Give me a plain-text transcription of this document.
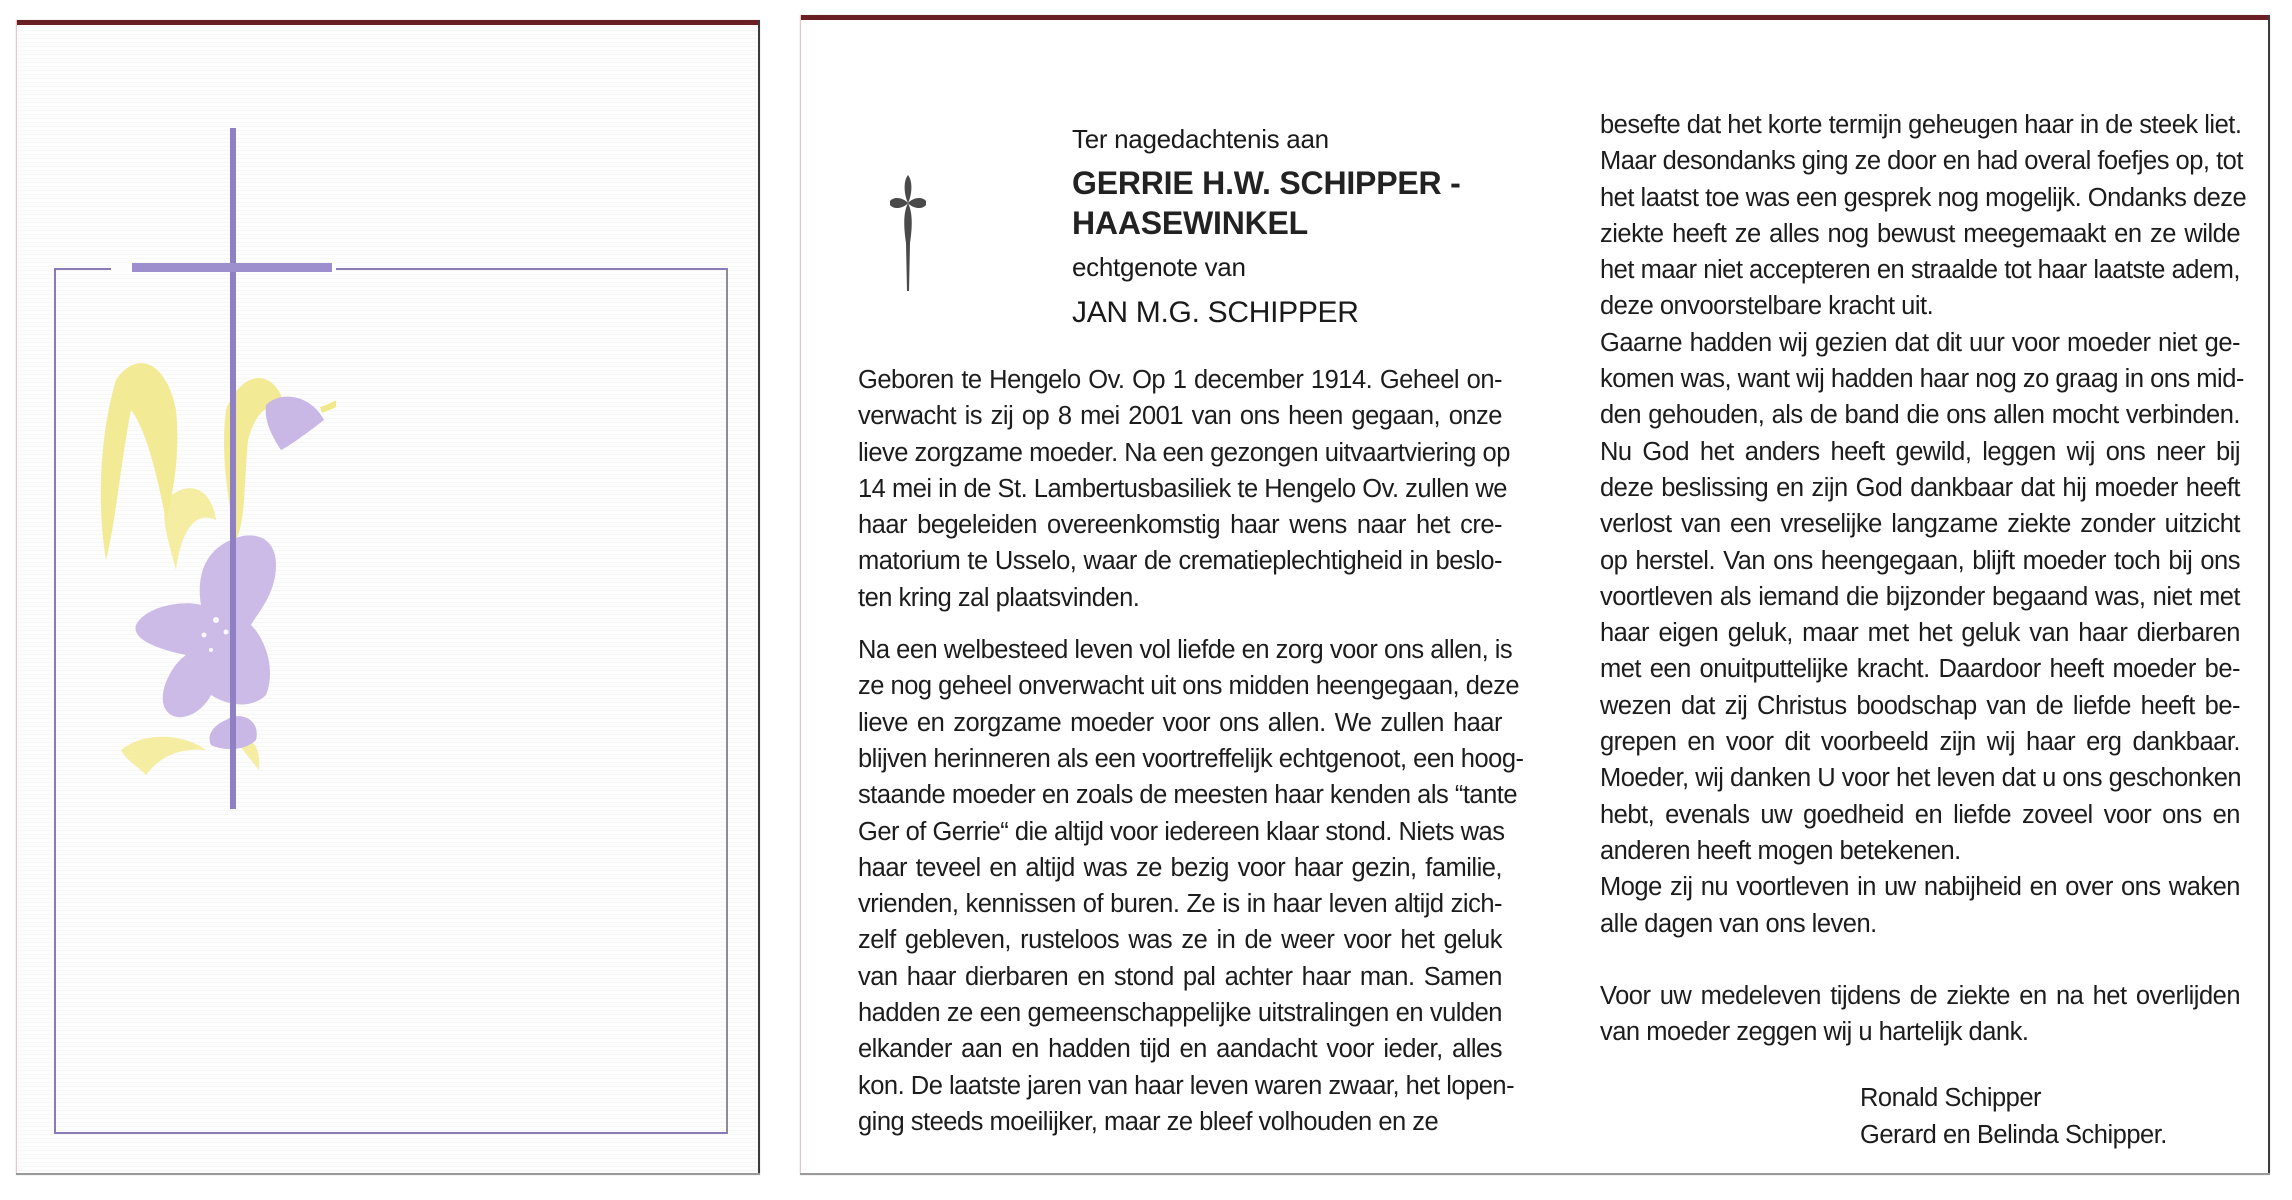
Ter nagedachtenis aan
GERRIE H.W. SCHIPPER -
HAASEWINKEL
echtgenote van
JAN M.G. SCHIPPER
Geboren te Hengelo Ov. Op 1 december 1914. Geheel on-
verwacht is zij op 8 mei 2001 van ons heen gegaan, onze
lieve zorgzame moeder. Na een gezongen uitvaartviering op
14 mei in de St. Lambertusbasiliek te Hengelo Ov. zullen we
haar begeleiden overeenkomstig haar wens naar het cre-
matorium te Usselo, waar de crematieplechtigheid in beslo-
ten kring zal plaatsvinden.
Na een welbesteed leven vol liefde en zorg voor ons allen, is
ze nog geheel onverwacht uit ons midden heengegaan, deze
lieve en zorgzame moeder voor ons allen. We zullen haar
blijven herinneren als een voortreffelijk echtgenoot, een hoog-
staande moeder en zoals de meesten haar kenden als “tante
Ger of Gerrie“ die altijd voor iedereen klaar stond. Niets was
haar teveel en altijd was ze bezig voor haar gezin, familie,
vrienden, kennissen of buren. Ze is in haar leven altijd zich-
zelf gebleven, rusteloos was ze in de weer voor het geluk
van haar dierbaren en stond pal achter haar man. Samen
hadden ze een gemeenschappelijke uitstralingen en vulden
elkander aan en hadden tijd en aandacht voor ieder, alles
kon. De laatste jaren van haar leven waren zwaar, het lopen-
ging steeds moeilijker, maar ze bleef volhouden en ze
besefte dat het korte termijn geheugen haar in de steek liet.
Maar desondanks ging ze door en had overal foefjes op, tot
het laatst toe was een gesprek nog mogelijk. Ondanks deze
ziekte heeft ze alles nog bewust meegemaakt en ze wilde
het maar niet accepteren en straalde tot haar laatste adem,
deze onvoorstelbare kracht uit.
Gaarne hadden wij gezien dat dit uur voor moeder niet ge-
komen was, want wij hadden haar nog zo graag in ons mid-
den gehouden, als de band die ons allen mocht verbinden.
Nu God het anders heeft gewild, leggen wij ons neer bij
deze beslissing en zijn God dankbaar dat hij moeder heeft
verlost van een vreselijke langzame ziekte zonder uitzicht
op herstel. Van ons heengegaan, blijft moeder toch bij ons
voortleven als iemand die bijzonder begaand was, niet met
haar eigen geluk, maar met het geluk van haar dierbaren
met een onuitputtelijke kracht. Daardoor heeft moeder be-
wezen dat zij Christus boodschap van de liefde heeft be-
grepen en voor dit voorbeeld zijn wij haar erg dankbaar.
Moeder, wij danken U voor het leven dat u ons geschonken
hebt, evenals uw goedheid en liefde zoveel voor ons en
anderen heeft mogen betekenen.
Moge zij nu voortleven in uw nabijheid en over ons waken
alle dagen van ons leven.
Voor uw medeleven tijdens de ziekte en na het overlijden
van moeder zeggen wij u hartelijk dank.
Ronald Schipper
Gerard en Belinda Schipper.
